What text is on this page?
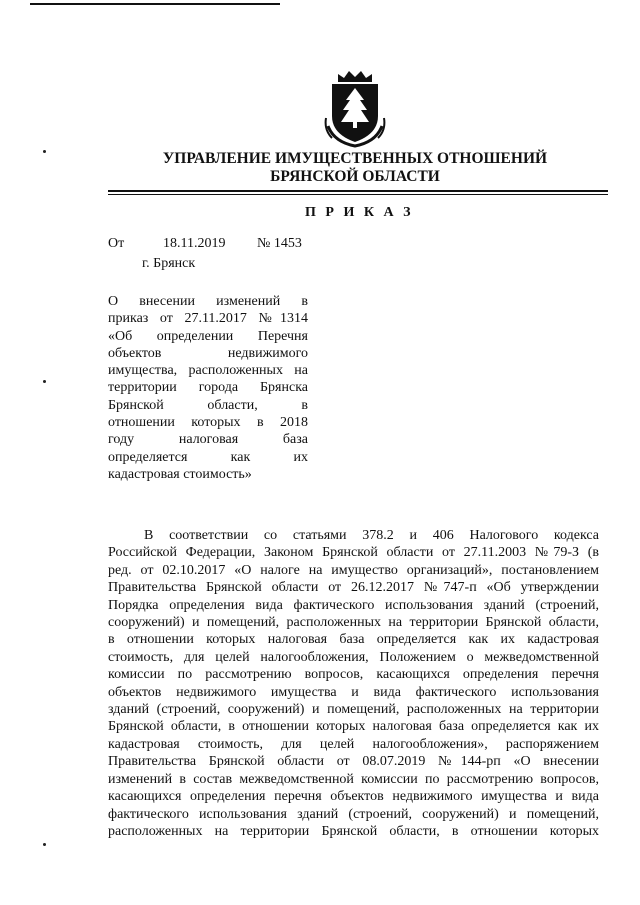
УПРАВЛЕНИЕ ИМУЩЕСТВЕННЫХ ОТНОШЕНИЙ
БРЯНСКОЙ ОБЛАСТИ
П Р И К А З
От	18.11.2019 № 1453
г. Брянск
О внесении изменений в
приказ от 27.11.2017 №1314
«Об определении Перечня
объектов недвижимого
имущества, расположенных на
территории города Брянска
Брянской области, в
отношении которых в 2018
году налоговая база
определяется как их
кадастровая стоимость»
В соответствии со статьями 378.2 и 406 Налогового кодекса
Российской Федерации, Законом Брянской области от 27.11.2003 №79-З (в
ред. от 02.10.2017 «О налоге на имущество организаций», постановлением
Правительства Брянской области от 26.12.2017 №747-п «Об утверждении
Порядка определения вида фактического использования зданий (строений,
сооружений) и помещений, расположенных на территории Брянской области,
в отношении которых налоговая база определяется как их кадастровая
стоимость, для целей налогообложения, Положением о межведомственной
комиссии по рассмотрению вопросов, касающихся определения перечня
объектов недвижимого имущества и вида фактического использования
зданий (строений, сооружений) и помещений, расположенных на территории
Брянской области, в отношении которых налоговая база определяется как их
кадастровая стоимость, для целей налогообложения», распоряжением
Правительства Брянской области от 08.07.2019 №144-рп «О внесении
изменений в состав межведомственной комиссии по рассмотрению вопросов,
касающихся определения перечня объектов недвижимого имущества и вида
фактического использования зданий (строений, сооружений) и помещений,
расположенных на территории Брянской области, в отношении которых
